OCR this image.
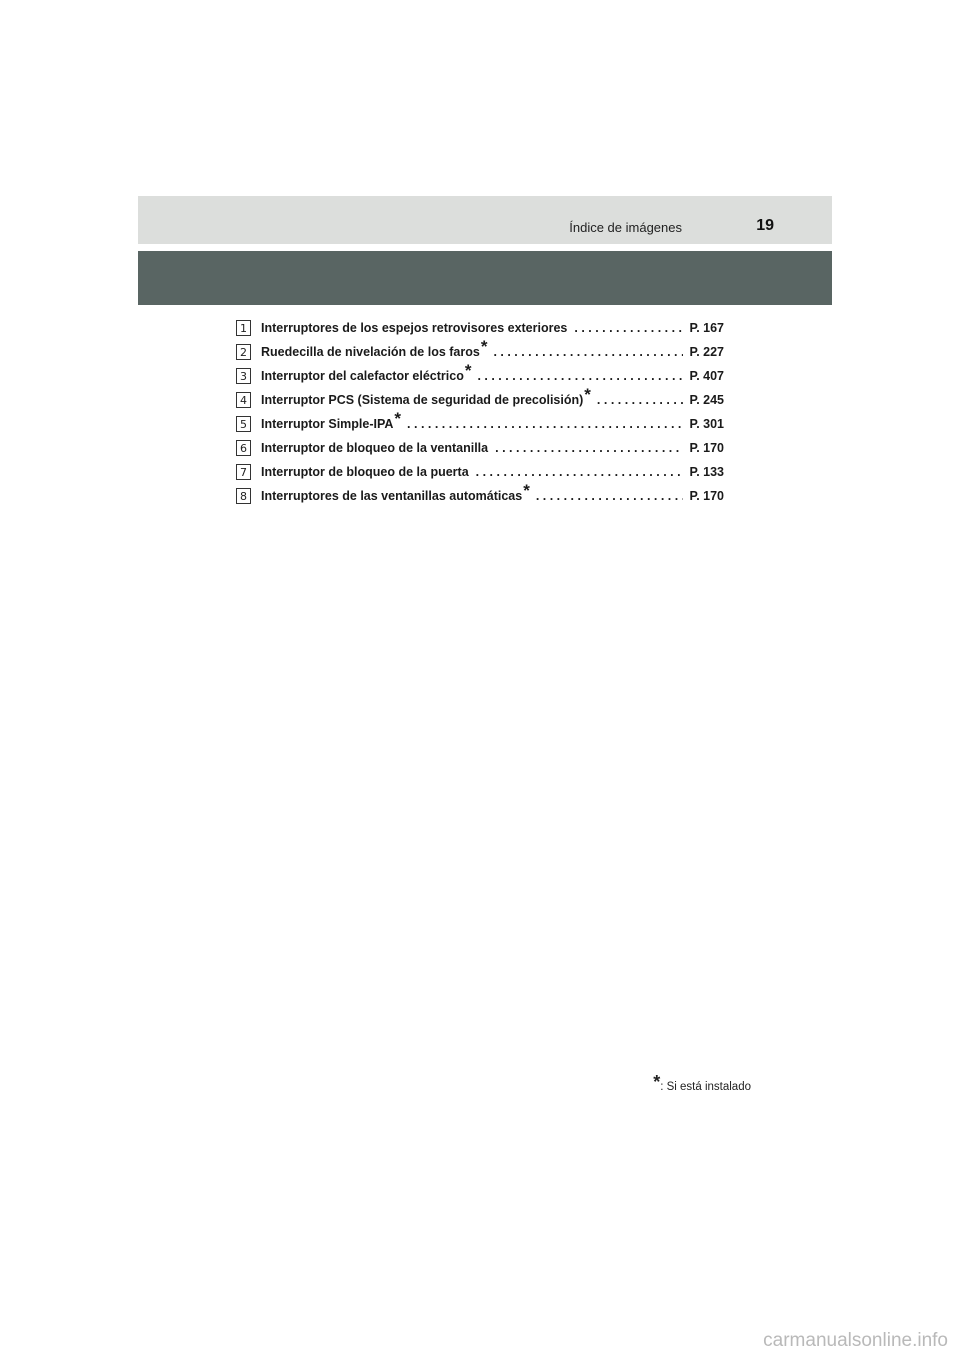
Índice de imágenes	19
1	Interruptores de los espejos retrovisores exteriores . . .	P. 167
2	Ruedecilla de nivelación de los faros* . . .	P. 227
3	Interruptor del calefactor eléctrico* . . .	P. 407
4	Interruptor PCS (Sistema de seguridad de precolisión)* . . .	P. 245
5	Interruptor Simple-IPA* . . .	P. 301
6	Interruptor de bloqueo de la ventanilla . . .	P. 170
7	Interruptor de bloqueo de la puerta . . .	P. 133
8	Interruptores de las ventanillas automáticas* . . .	P. 170
*: Si está instalado
carmanualsonline.info
